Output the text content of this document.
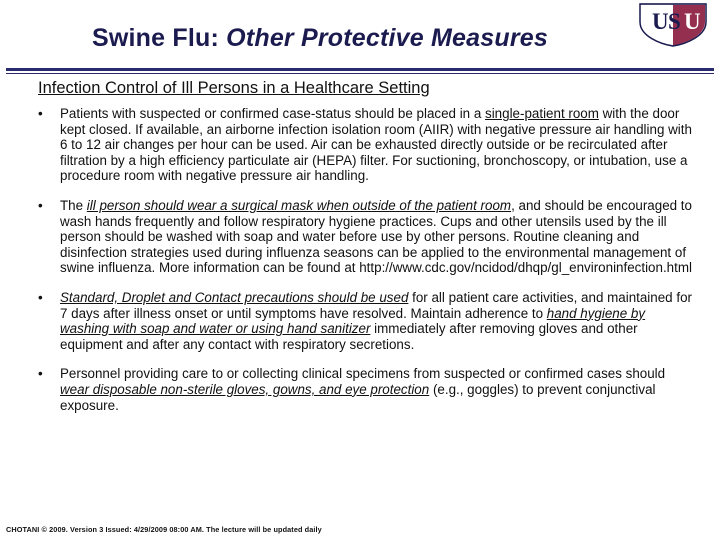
U S U
Swine Flu: Other Protective Measures
Infection Control of Ill Persons in a Healthcare Setting
•	Patients with suspected or confirmed case-status should be placed in a single-patient room with the door kept closed. If available, an airborne infection isolation room (AIIR) with negative pressure air handling with 6 to 12 air changes per hour can be used. Air can be exhausted directly outside or be recirculated after filtration by a high efficiency particulate air (HEPA) filter. For suctioning, bronchoscopy, or intubation, use a procedure room with negative pressure air handling.
•	The ill person should wear a surgical mask when outside of the patient room, and should be encouraged to wash hands frequently and follow respiratory hygiene practices. Cups and other utensils used by the ill person should be washed with soap and water before use by other persons. Routine cleaning and disinfection strategies used during influenza seasons can be applied to the environmental management of swine influenza. More information can be found at http://www.cdc.gov/ncidod/dhqp/gl_environinfection.html
•	Standard, Droplet and Contact precautions should be used for all patient care activities, and maintained for 7 days after illness onset or until symptoms have resolved. Maintain adherence to hand hygiene by washing with soap and water or using hand sanitizer immediately after removing gloves and other equipment and after any contact with respiratory secretions.
•	Personnel providing care to or collecting clinical specimens from suspected or confirmed cases should wear disposable non-sterile gloves, gowns, and eye protection (e.g., goggles) to prevent conjunctival exposure.
CHOTANI © 2009. Version 3 Issued: 4/29/2009 08:00 AM. The lecture will be updated daily
